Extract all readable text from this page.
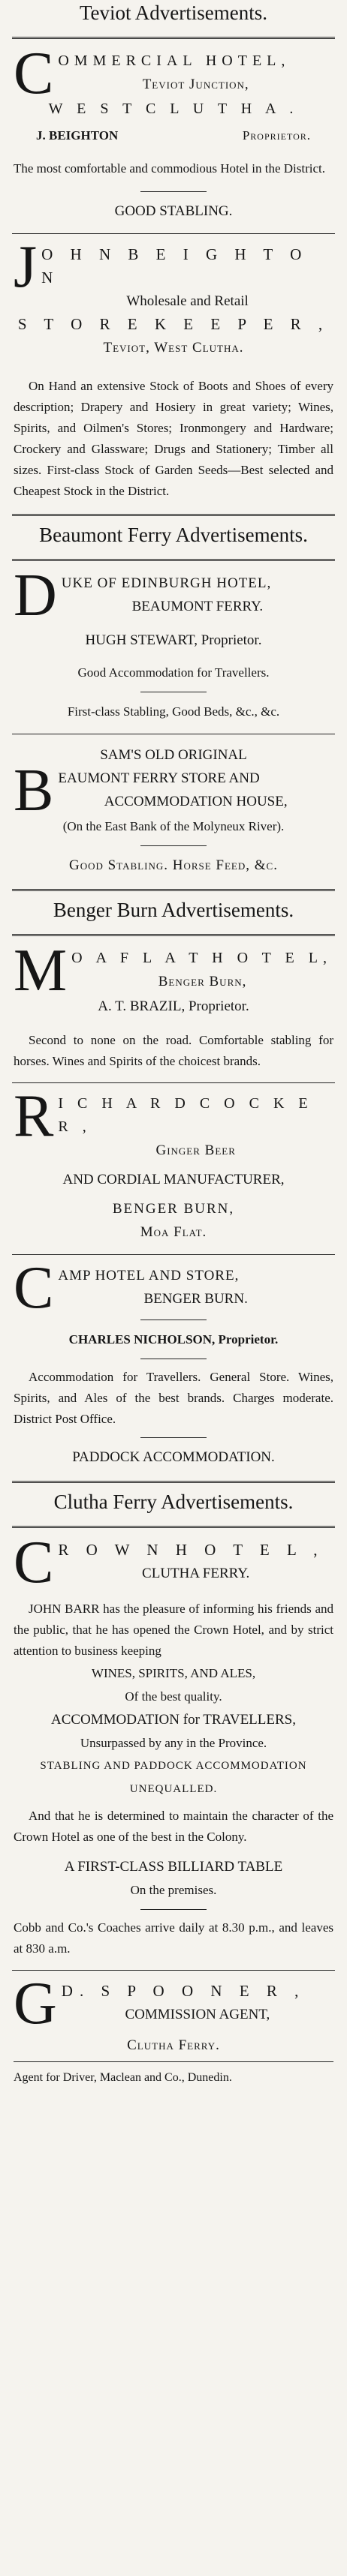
Teviot Advertisements.
C OMMERCIAL HOTEL,
Teviot Junction,
W E S T C L U T H A .
J. BEIGHTON	Proprietor.
The most comfortable and commodious Hotel in the District.
GOOD STABLING.
J O H N B E I G H T O N
Wholesale and Retail
S T O R E K E E P E R ,
Teviot, West Clutha.
On Hand an extensive Stock of Boots and Shoes of every description; Drapery and Hosiery in great variety; Wines, Spirits, and Oilmen's Stores; Ironmongery and Hardware; Crockery and Glassware; Drugs and Stationery; Timber all sizes. First-class Stock of Garden Seeds—Best selected and Cheapest Stock in the District.
Beaumont Ferry Advertisements.
D UKE OF EDINBURGH HOTEL,
BEAUMONT FERRY.
HUGH STEWART, Proprietor.
Good Accommodation for Travellers.
First-class Stabling, Good Beds, &c., &c.
SAM'S OLD ORIGINAL
B EAUMONT FERRY STORE AND
ACCOMMODATION HOUSE,
(On the East Bank of the Molyneux River).
Good Stabling. Horse Feed, &c.
Benger Burn Advertisements.
M O A F L A T H O T E L,
Benger Burn,
A. T. BRAZIL, Proprietor.
Second to none on the road. Comfortable stabling for horses. Wines and Spirits of the choicest brands.
R I C H A R D C O C K E R ,
Ginger Beer
AND CORDIAL MANUFACTURER,
BENGER BURN,
Moa Flat.
C AMP HOTEL AND STORE,
BENGER BURN.
CHARLES NICHOLSON, Proprietor.
Accommodation for Travellers. General Store. Wines, Spirits, and Ales of the best brands. Charges moderate. District Post Office.
PADDOCK ACCOMMODATION.
Clutha Ferry Advertisements.
C R O W N H O T E L ,
CLUTHA FERRY.
JOHN BARR has the pleasure of informing his friends and the public, that he has opened the Crown Hotel, and by strict attention to business keeping
WINES, SPIRITS, AND ALES,
Of the best quality.
ACCOMMODATION for TRAVELLERS,
Unsurpassed by any in the Province.
STABLING AND PADDOCK ACCOMMODATION
UNEQUALLED.
And that he is determined to maintain the character of the Crown Hotel as one of the best in the Colony.
A FIRST-CLASS BILLIARD TABLE
On the premises.
Cobb and Co.'s Coaches arrive daily at 8.30 p.m., and leaves at 830 a.m.
G D. S P O O N E R ,
COMMISSION AGENT,
Clutha Ferry.
Agent for Driver, Maclean and Co., Dunedin.
